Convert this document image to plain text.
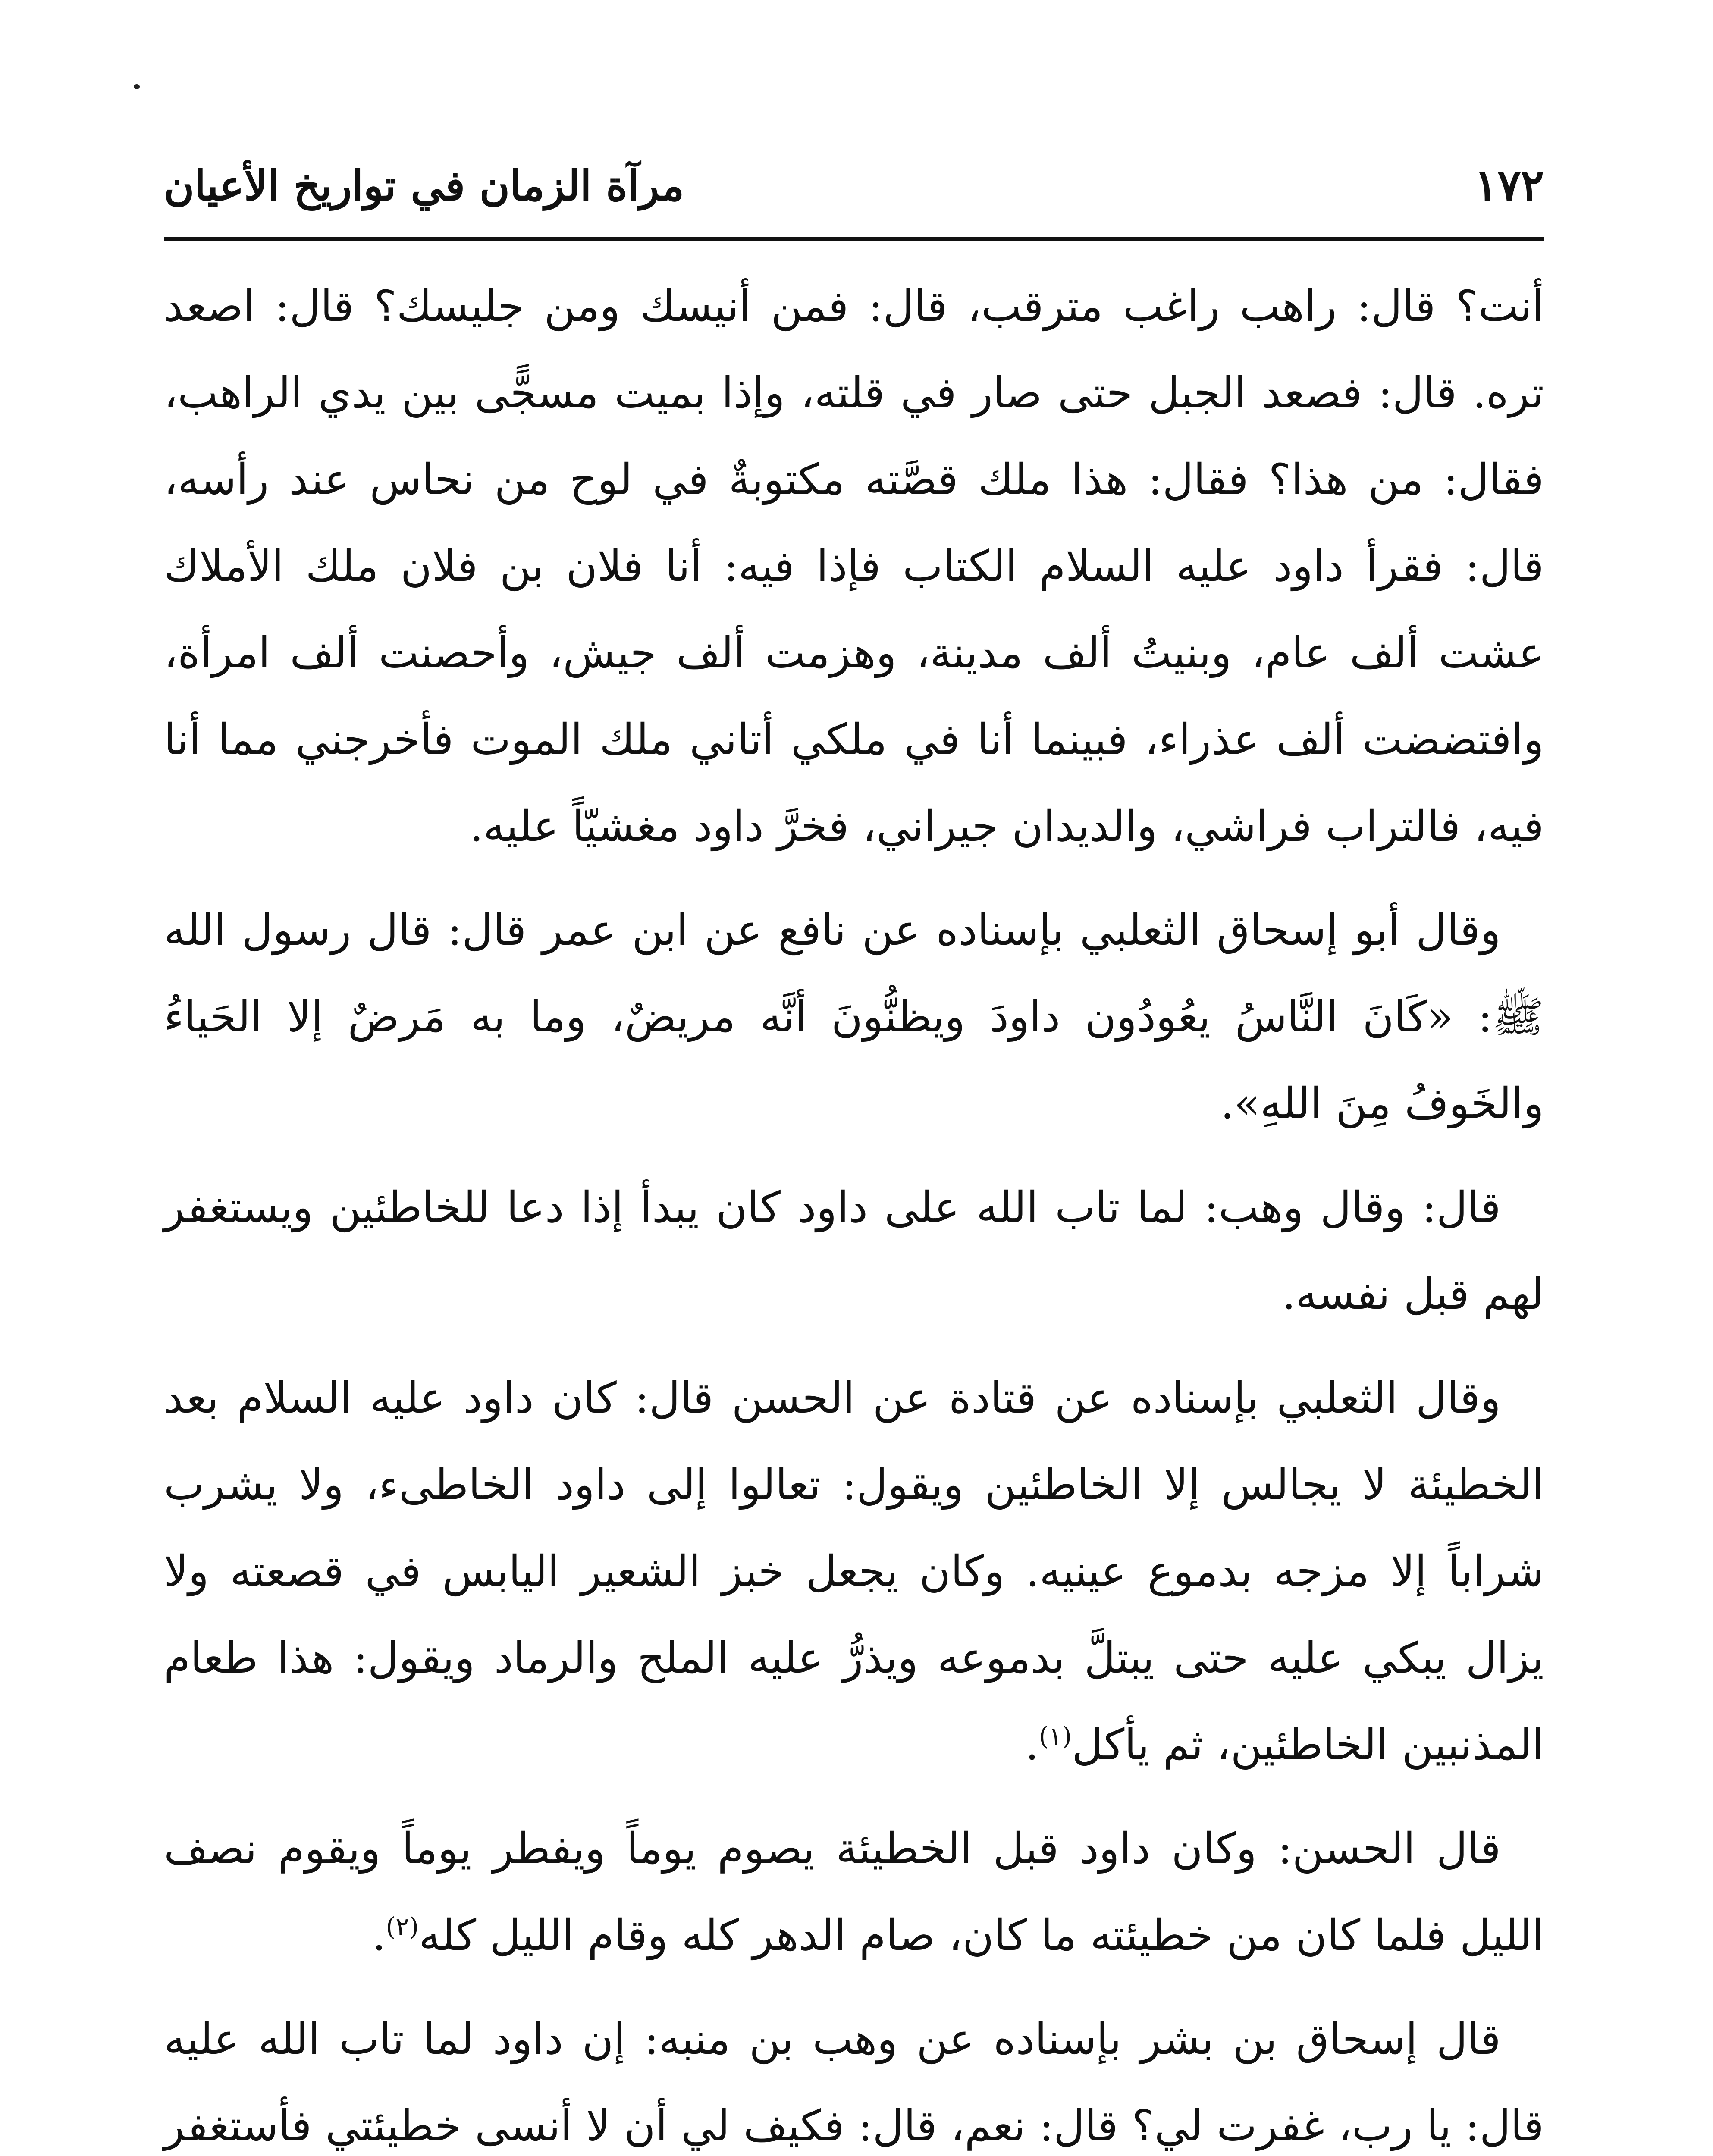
١٧٢
مرآة الزمان في تواريخ الأعيان

أنت؟ قال: راهب راغب مترقب، قال: فمن أنيسك ومن جليسك؟ قال: اصعد تره. قال: فصعد الجبل حتى صار في قلته، وإذا بميت مسجًّى بين يدي الراهب، فقال: من هذا؟ فقال: هذا ملك قصَّته مكتوبةٌ في لوح من نحاس عند رأسه، قال: فقرأ داود عليه السلام الكتاب فإذا فيه: أنا فلان بن فلان ملك الأملاك عشت ألف عام، وبنيتُ ألف مدينة، وهزمت ألف جيش، وأحصنت ألف امرأة، وافتضضت ألف عذراء، فبينما أنا في ملكي أتاني ملك الموت فأخرجني مما أنا فيه، فالتراب فراشي، والديدان جيراني، فخرَّ داود مغشيّاً عليه.

وقال أبو إسحاق الثعلبي بإسناده عن نافع عن ابن عمر قال: قال رسول الله ﷺ: «كَانَ النَّاسُ يعُودُون داودَ ويظنُّونَ أنَّه مريضٌ، وما به مَرضٌ إلا الحَياءُ والخَوفُ مِنَ اللهِ».

قال: وقال وهب: لما تاب الله على داود كان يبدأ إذا دعا للخاطئين ويستغفر لهم قبل نفسه.

وقال الثعلبي بإسناده عن قتادة عن الحسن قال: كان داود عليه السلام بعد الخطيئة لا يجالس إلا الخاطئين ويقول: تعالوا إلى داود الخاطىء، ولا يشرب شراباً إلا مزجه بدموع عينيه. وكان يجعل خبز الشعير اليابس في قصعته ولا يزال يبكي عليه حتى يبتلَّ بدموعه ويذرُّ عليه الملح والرماد ويقول: هذا طعام المذنبين الخاطئين، ثم يأكل$^{(١)}$.

قال الحسن: وكان داود قبل الخطيئة يصوم يوماً ويفطر يوماً ويقوم نصف الليل فلما كان من خطيئته ما كان، صام الدهر كله وقام الليل كله$^{(٢)}$.

قال إسحاق بن بشر بإسناده عن وهب بن منبه: إن داود لما تاب الله عليه قال: يا رب، غفرت لي؟ قال: نعم، قال: فكيف لي أن لا أنسى خطيئتي فأستغفر
